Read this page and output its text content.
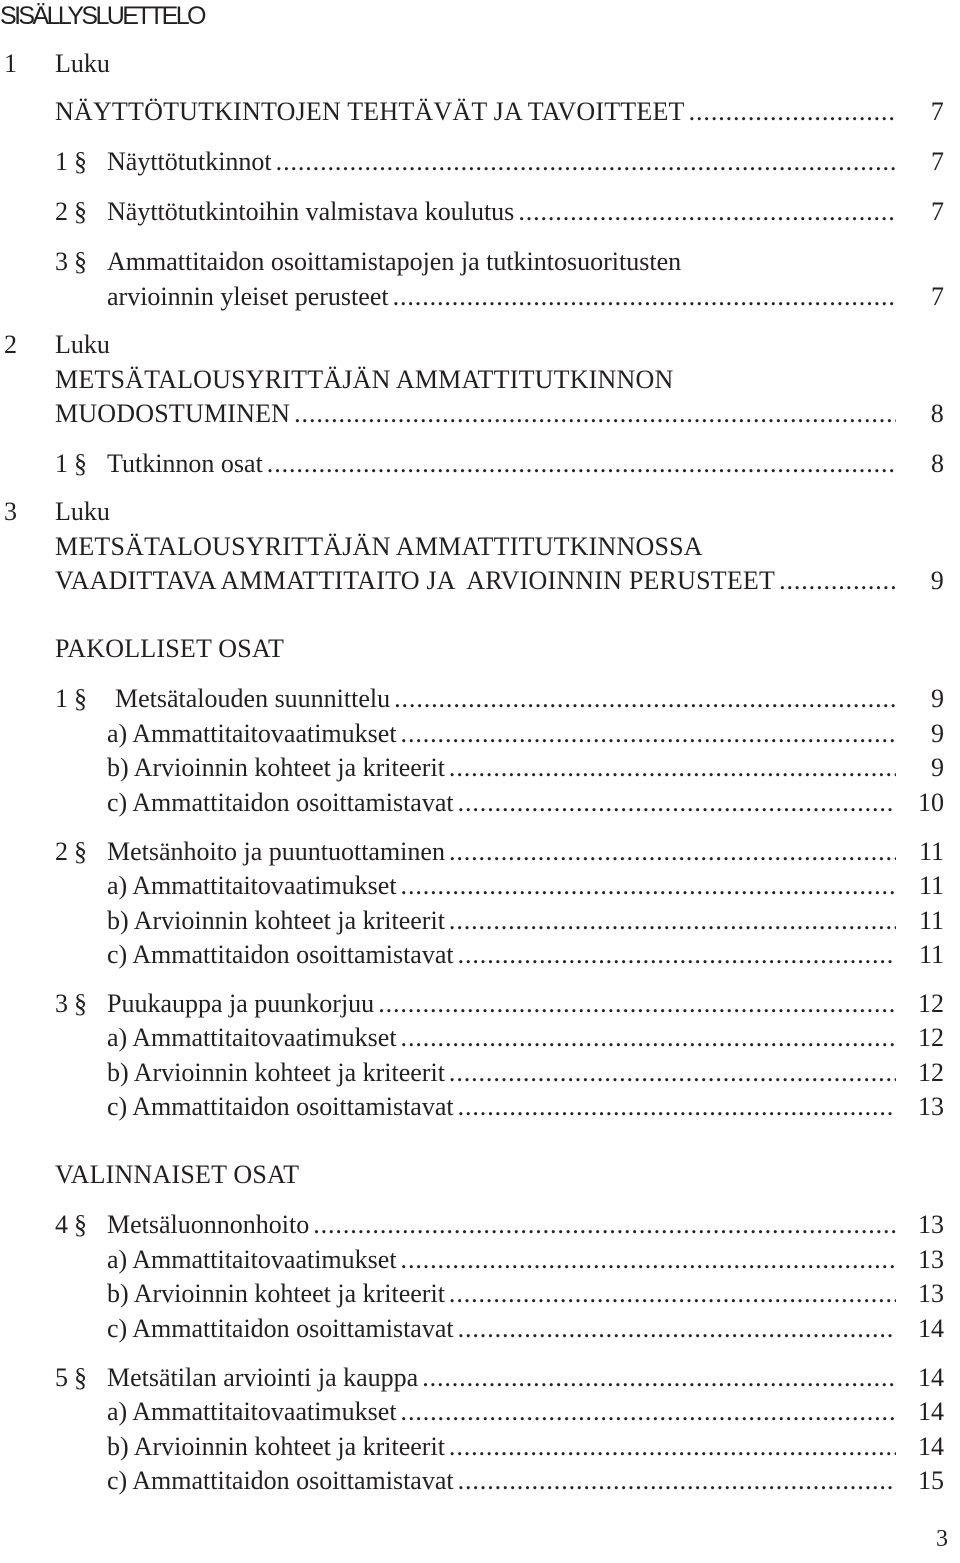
SISÄLLYSLUETTELO
1 Luku
NÄYTTÖTUTKINTOJEN TEHTÄVÄT JA TAVOITTEET .....	7
1 § Näyttötutkinnot .....	7
2 § Näyttötutkintoihin valmistava koulutus .....	7
3 § Ammattitaidon osoittamistapojen ja tutkintosuoritusten
arvioinnin yleiset perusteet .....	7
2 Luku
METSÄTALOUSYRITTÄJÄN AMMATTITUTKINNON
MUODOSTUMINEN .....	8
1 § Tutkinnon osat .....	8
3 Luku
METSÄTALOUSYRITTÄJÄN AMMATTITUTKINNOSSA
VAADITTAVA AMMATTITAITO JA  ARVIOINNIN PERUSTEET .....	9
PAKOLLISET OSAT
1 § Metsätalouden suunnittelu .....	9
a) Ammattitaitovaatimukset .....	9
b) Arvioinnin kohteet ja kriteerit .....	9
c) Ammattitaidon osoittamistavat .....	10
2 § Metsänhoito ja puuntuottaminen .....	11
a) Ammattitaitovaatimukset .....	11
b) Arvioinnin kohteet ja kriteerit .....	11
c) Ammattitaidon osoittamistavat .....	11
3 § Puukauppa ja puunkorjuu .....	12
a) Ammattitaitovaatimukset .....	12
b) Arvioinnin kohteet ja kriteerit .....	12
c) Ammattitaidon osoittamistavat .....	13
VALINNAISET OSAT
4 § Metsäluonnonhoito .....	13
a) Ammattitaitovaatimukset .....	13
b) Arvioinnin kohteet ja kriteerit .....	13
c) Ammattitaidon osoittamistavat .....	14
5 § Metsätilan arviointi ja kauppa .....	14
a) Ammattitaitovaatimukset .....	14
b) Arvioinnin kohteet ja kriteerit .....	14
c) Ammattitaidon osoittamistavat .....	15
3
